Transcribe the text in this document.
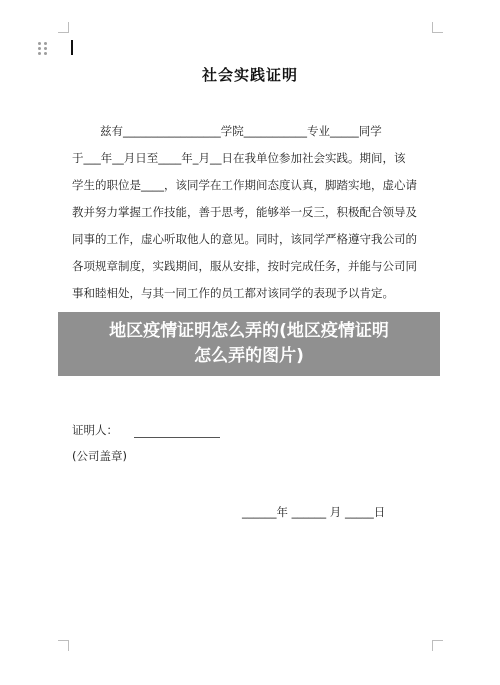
社会实践证明
兹有_________________学院___________专业_____同学
于___年__月日至____年_月__日在我单位参加社会实践。期间，该
学生的职位是____，该同学在工作期间态度认真，脚踏实地，虚心请
教并努力掌握工作技能，善于思考，能够举一反三，积极配合领导及
同事的工作，虚心听取他人的意见。同时，该同学严格遵守我公司的
各项规章制度，实践期间，服从安排，按时完成任务，并能与公司同
事和睦相处，与其一同工作的员工都对该同学的表现予以肯定。
地区疫情证明怎么弄的(地区疫情证明
怎么弄的图片)
证明人：
(公司盖章)
______年 ______ 月 _____日
